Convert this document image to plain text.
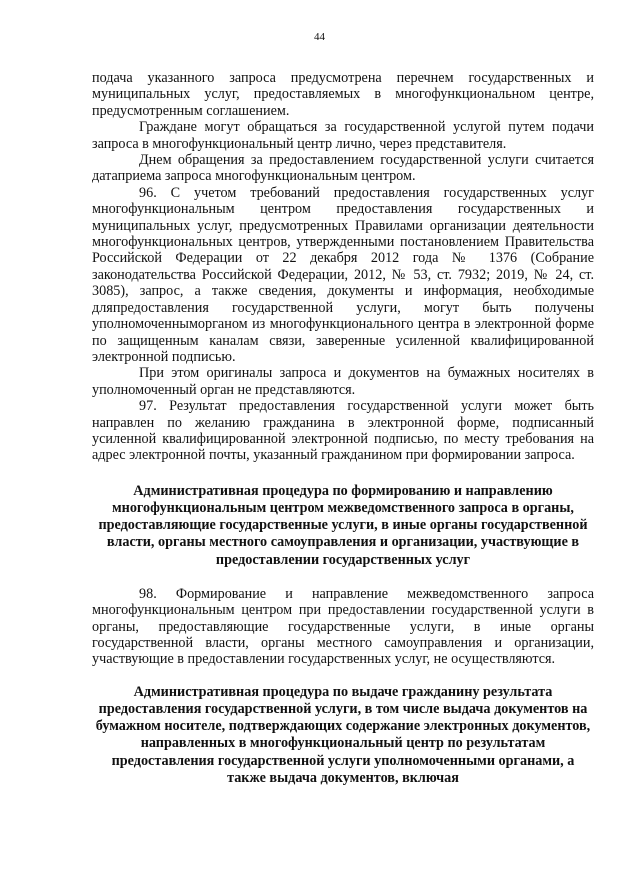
44

подача указанного запроса предусмотрена перечнем государственных и муниципальных услуг, предоставляемых в многофункциональном центре, предусмотренным соглашением.

Граждане могут обращаться за государственной услугой путем подачи запроса в многофункциональный центр лично, через представителя.

Днем обращения за предоставлением государственной услуги считается датаприема запроса многофункциональным центром.

96. С учетом требований предоставления государственных услуг многофункциональным центром предоставления государственных и муниципальных услуг, предусмотренных Правилами организации деятельности многофункциональных центров, утвержденными постановлением Правительства Российской Федерации от 22 декабря 2012 года № 1376 (Собрание законодательства Российской Федерации, 2012, № 53, ст. 7932; 2019, № 24, ст. 3085), запрос, а также сведения, документы и информация, необходимые дляпредоставления государственной услуги, могут быть получены уполномоченныморганом из многофункционального центра в электронной форме по защищенным каналам связи, заверенные усиленной квалифицированной электронной подписью.

При этом оригиналы запроса и документов на бумажных носителях в уполномоченный орган не представляются.

97. Результат предоставления государственной услуги может быть направлен по желанию гражданина в электронной форме, подписанный усиленной квалифицированной электронной подписью, по месту требования на адрес электронной почты, указанный гражданином при формировании запроса.

Административная процедура по формированию и направлению многофункциональным центром межведомственного запроса в органы, предоставляющие государственные услуги, в иные органы государственной власти, органы местного самоуправления и организации, участвующие в предоставлении государственных услуг

98. Формирование и направление межведомственного запроса многофункциональным центром при предоставлении государственной услуги в органы, предоставляющие государственные услуги, в иные органы государственной власти, органы местного самоуправления и организации, участвующие в предоставлении государственных услуг, не осуществляются.

Административная процедура по выдаче гражданину результата предоставления государственной услуги, в том числе выдача документов на бумажном носителе, подтверждающих содержание электронных документов, направленных в многофункциональный центр по результатам предоставления государственной услуги уполномоченными органами, а также выдача документов, включая
